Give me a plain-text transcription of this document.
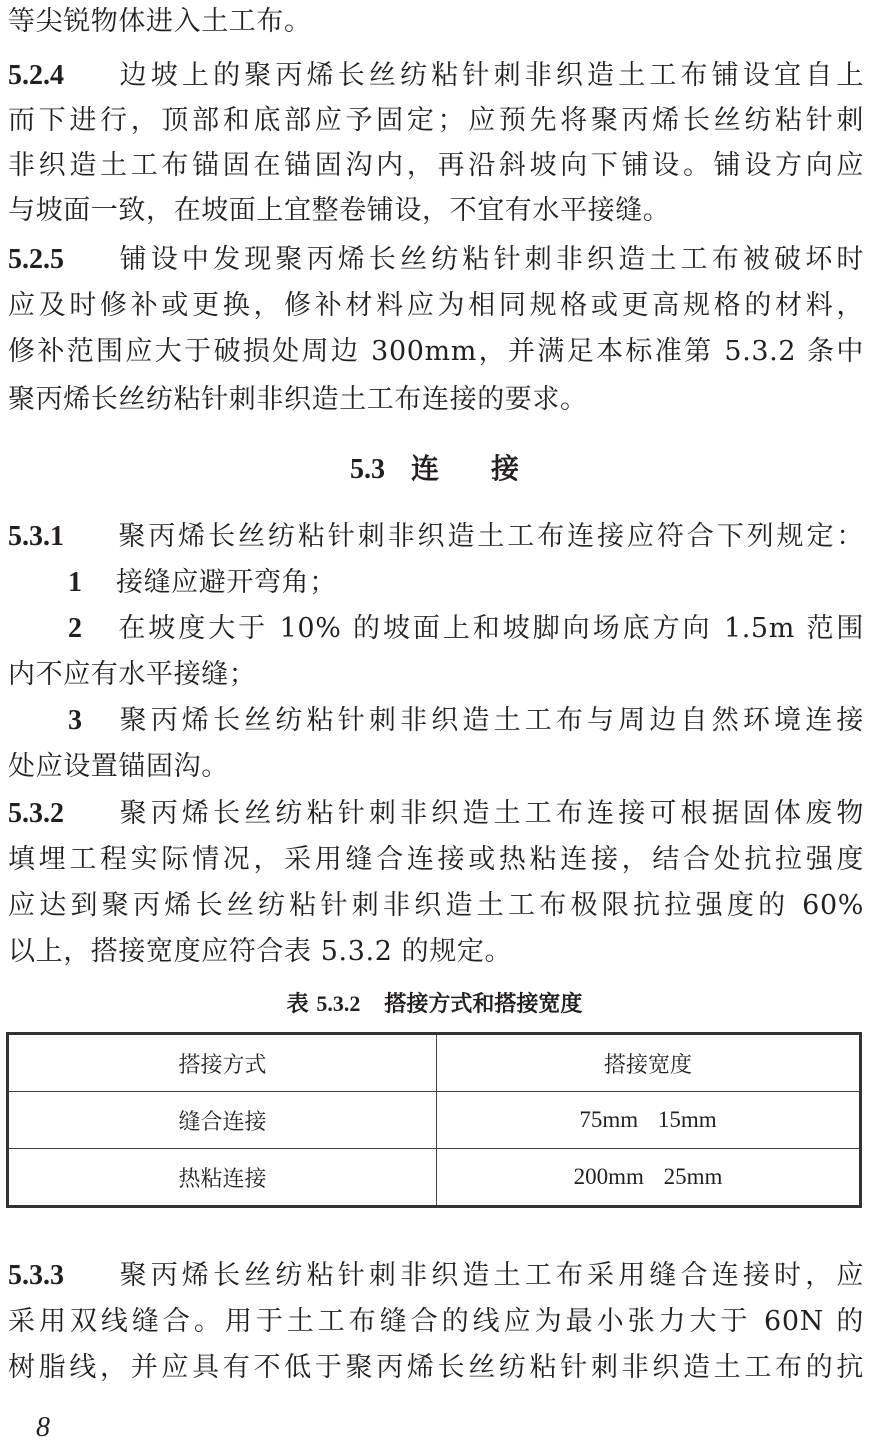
等尖锐物体进入土工布。
5.2.4 边坡上的聚丙烯长丝纺粘针刺非织造土工布铺设宜自上
而下进行，顶部和底部应予固定；应预先将聚丙烯长丝纺粘针刺
非织造土工布锚固在锚固沟内，再沿斜坡向下铺设。铺设方向应
与坡面一致，在坡面上宜整卷铺设，不宜有水平接缝。
5.2.5 铺设中发现聚丙烯长丝纺粘针刺非织造土工布被破坏时
应及时修补或更换，修补材料应为相同规格或更高规格的材料，
修补范围应大于破损处周边 300mm，并满足本标准第 5.3.2 条中
聚丙烯长丝纺粘针刺非织造土工布连接的要求。
5.3 连接
5.3.1 聚丙烯长丝纺粘针刺非织造土工布连接应符合下列规定：
1 接缝应避开弯角；
2 在坡度大于 10% 的坡面上和坡脚向场底方向 1.5m 范围
内不应有水平接缝；
3 聚丙烯长丝纺粘针刺非织造土工布与周边自然环境连接
处应设置锚固沟。
5.3.2 聚丙烯长丝纺粘针刺非织造土工布连接可根据固体废物
填埋工程实际情况，采用缝合连接或热粘连接，结合处抗拉强度
应达到聚丙烯长丝纺粘针刺非织造土工布极限抗拉强度的 60%
以上，搭接宽度应符合表 5.3.2 的规定。
表 5.3.2 搭接方式和搭接宽度
搭接方式	搭接宽度
缝合连接	75mm 15mm
热粘连接	200mm 25mm
5.3.3 聚丙烯长丝纺粘针刺非织造土工布采用缝合连接时，应
采用双线缝合。用于土工布缝合的线应为最小张力大于 60N 的
树脂线，并应具有不低于聚丙烯长丝纺粘针刺非织造土工布的抗
8
